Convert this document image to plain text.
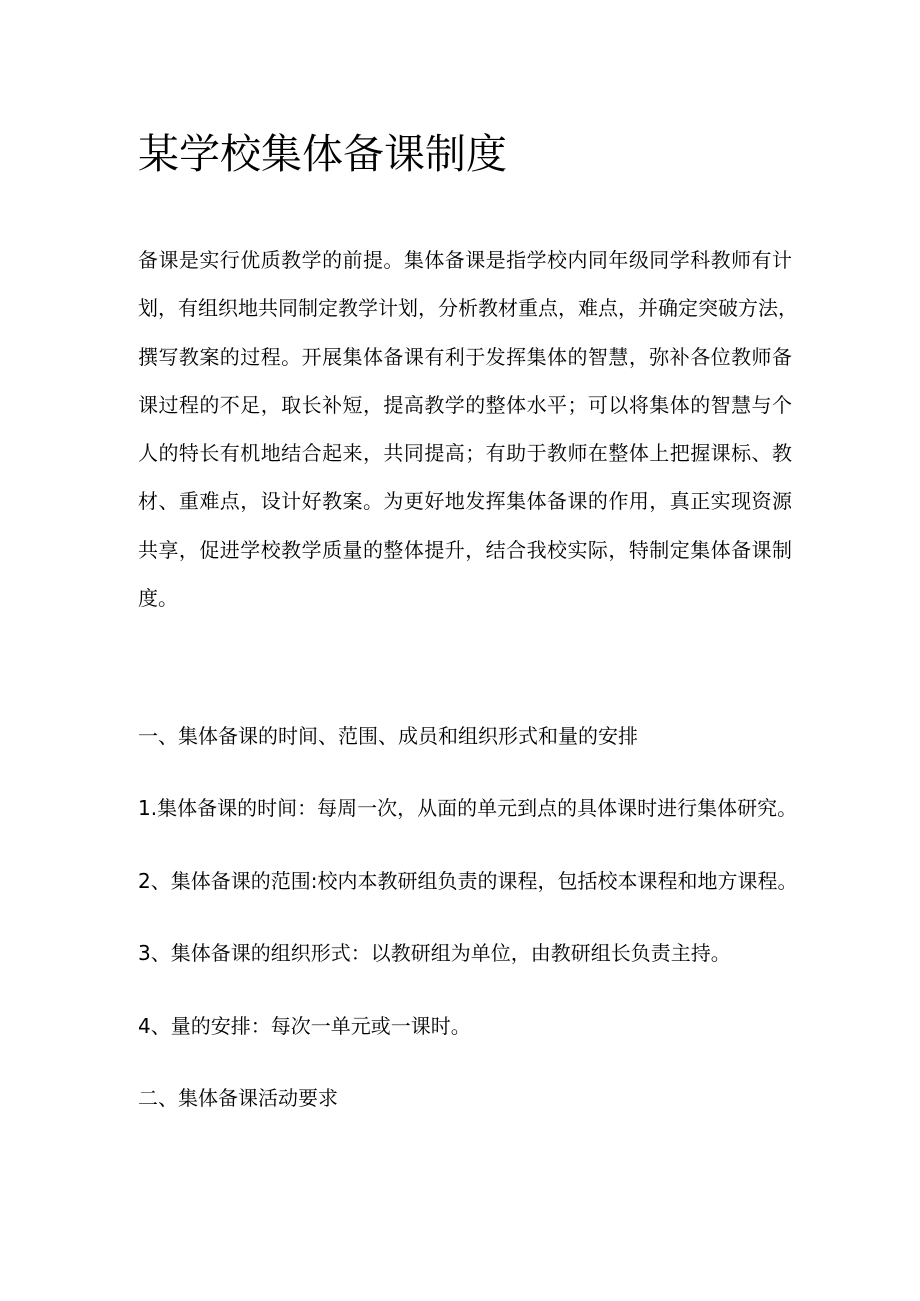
某学校集体备课制度
备课是实行优质教学的前提。集体备课是指学校内同年级同学科教师有计
划，有组织地共同制定教学计划，分析教材重点，难点，并确定突破方法，
撰写教案的过程。开展集体备课有利于发挥集体的智慧，弥补各位教师备
课过程的不足，取长补短，提高教学的整体水平；可以将集体的智慧与个
人的特长有机地结合起来，共同提高；有助于教师在整体上把握课标、教
材、重难点，设计好教案。为更好地发挥集体备课的作用，真正实现资源
共享，促进学校教学质量的整体提升，结合我校实际，特制定集体备课制
度。
一、集体备课的时间、范围、成员和组织形式和量的安排
1.集体备课的时间：每周一次，从面的单元到点的具体课时进行集体研究。
2、集体备课的范围:校内本教研组负责的课程，包括校本课程和地方课程。
3、集体备课的组织形式：以教研组为单位，由教研组长负责主持。
4、量的安排：每次一单元或一课时。
二、集体备课活动要求
